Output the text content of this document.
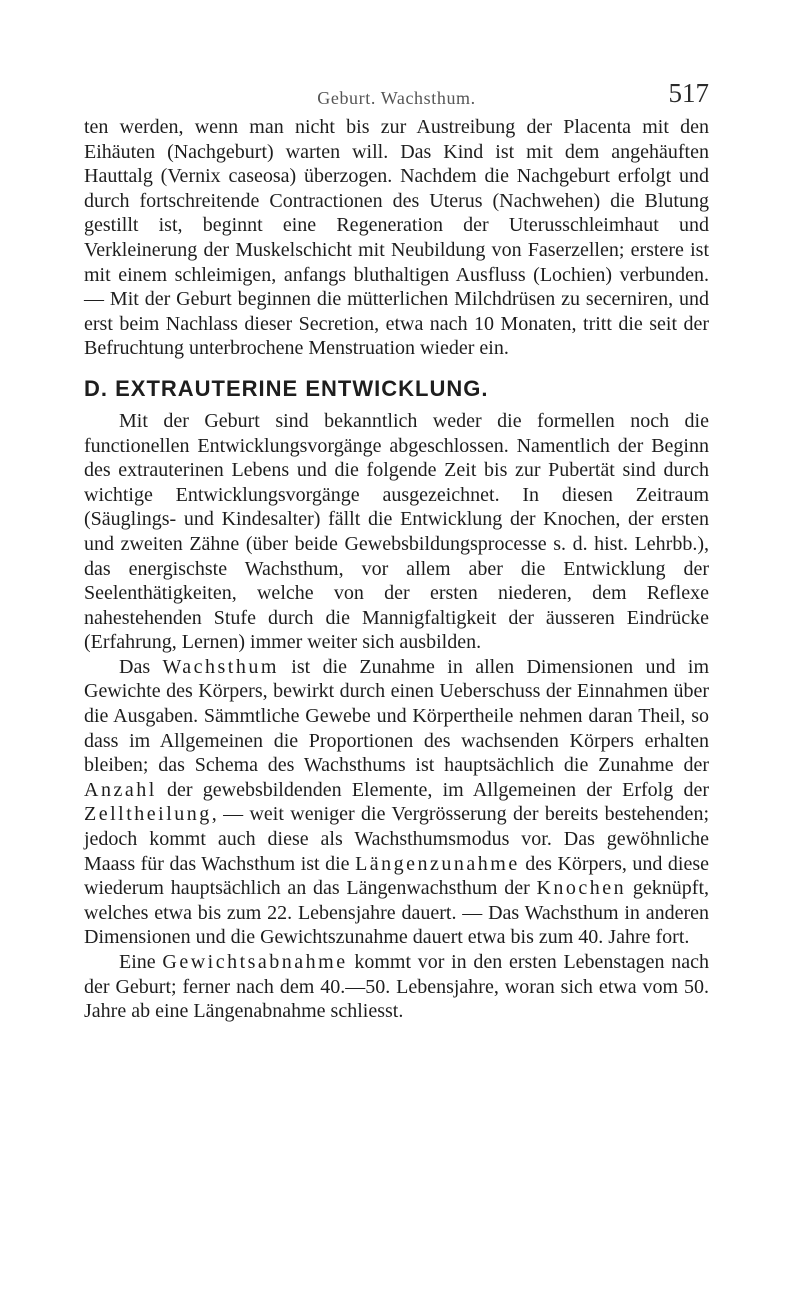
Geburt. Wachsthum.	517

ten werden, wenn man nicht bis zur Austreibung der Placenta mit den Eihäuten (Nachgeburt) warten will. Das Kind ist mit dem angehäuften Hauttalg (Vernix caseosa) überzogen. Nachdem die Nachgeburt erfolgt und durch fortschreitende Contractionen des Uterus (Nachwehen) die Blutung gestillt ist, beginnt eine Regeneration der Uterusschleimhaut und Verkleinerung der Muskelschicht mit Neubildung von Faserzellen; erstere ist mit einem schleimigen, anfangs bluthaltigen Ausfluss (Lochien) verbunden. — Mit der Geburt beginnen die mütterlichen Milchdrüsen zu secerniren, und erst beim Nachlass dieser Secretion, etwa nach 10 Monaten, tritt die seit der Befruchtung unterbrochene Menstruation wieder ein.

D. EXTRAUTERINE ENTWICKLUNG.

Mit der Geburt sind bekanntlich weder die formellen noch die functionellen Entwicklungsvorgänge abgeschlossen. Namentlich der Beginn des extrauterinen Lebens und die folgende Zeit bis zur Pubertät sind durch wichtige Entwicklungsvorgänge ausgezeichnet. In diesen Zeitraum (Säuglings- und Kindesalter) fällt die Entwicklung der Knochen, der ersten und zweiten Zähne (über beide Gewebsbildungsprocesse s. d. hist. Lehrbb.), das energischste Wachsthum, vor allem aber die Entwicklung der Seelenthätigkeiten, welche von der ersten niederen, dem Reflexe nahestehenden Stufe durch die Mannigfaltigkeit der äusseren Eindrücke (Erfahrung, Lernen) immer weiter sich ausbilden.

Das Wachsthum ist die Zunahme in allen Dimensionen und im Gewichte des Körpers, bewirkt durch einen Ueberschuss der Einnahmen über die Ausgaben. Sämmtliche Gewebe und Körpertheile nehmen daran Theil, so dass im Allgemeinen die Proportionen des wachsenden Körpers erhalten bleiben; das Schema des Wachsthums ist hauptsächlich die Zunahme der Anzahl der gewebsbildenden Elemente, im Allgemeinen der Erfolg der Zelltheilung, — weit weniger die Vergrösserung der bereits bestehenden; jedoch kommt auch diese als Wachsthumsmodus vor. Das gewöhnliche Maass für das Wachsthum ist die Längenzunahme des Körpers, und diese wiederum hauptsächlich an das Längenwachsthum der Knochen geknüpft, welches etwa bis zum 22. Lebensjahre dauert. — Das Wachsthum in anderen Dimensionen und die Gewichtszunahme dauert etwa bis zum 40. Jahre fort.

Eine Gewichtsabnahme kommt vor in den ersten Lebenstagen nach der Geburt; ferner nach dem 40.—50. Lebensjahre, woran sich etwa vom 50. Jahre ab eine Längenabnahme schliesst.
